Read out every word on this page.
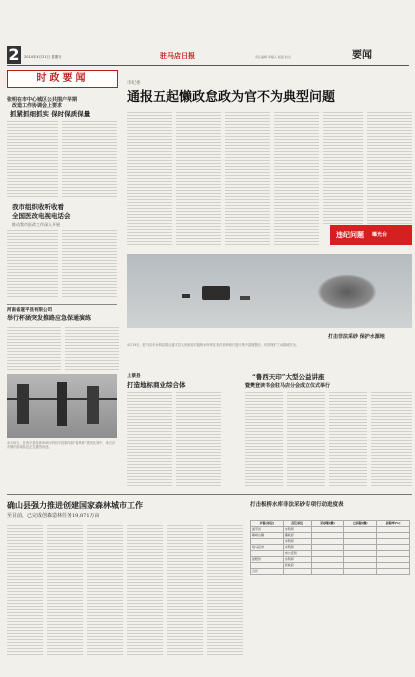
2	2014年4月21日 星期日	驻马店日报	责任编辑 审稿人 版面 校对	要闻
时政要闻
张明在市中心城区公共围户早期
改造工作协调会上要求
抓紧抓细抓实 保时保质保量
我市组织收听收看
全国医改电视电话会
推动我市医改工作深入开展
河南省遂平县有限公司
举行杯涵突发推路应急保通演练
市纪委
通报五起懒政怠政为官不为典型问题
违纪问题 曝光台
打击非法采砂 保护水源地
4月19日，驻马店市水利局联合遂平县人民政府对板桥水库库区非法采砂船只进行集中清理整治，有效保护了水源地安全。
4月20日，在西平县体育场举行的西平县第四届“春风杯”拔河比赛中，来自各乡镇的参赛队伍正在激烈角逐。
上蔡县
打造地标商业综合体
“鲁西天印”大型公益讲座
暨樊登读书会驻马店分会成立仪式举行
确山县强力推进创建国家森林城市工作
至目前，已完成创森造林任务19,871万亩
打击板桥水库非法采砂专项行动进度表
乡镇(单位)	责任单位	采砂船(艘)	已拆除(艘)	拆除率(%)
遂平县	水利局			
嵖岈山镇	镇政府			
	水利局			
驻马店市	水利局			
	市公安局			
泌阳县	水利局			
	县政府			
合计				
